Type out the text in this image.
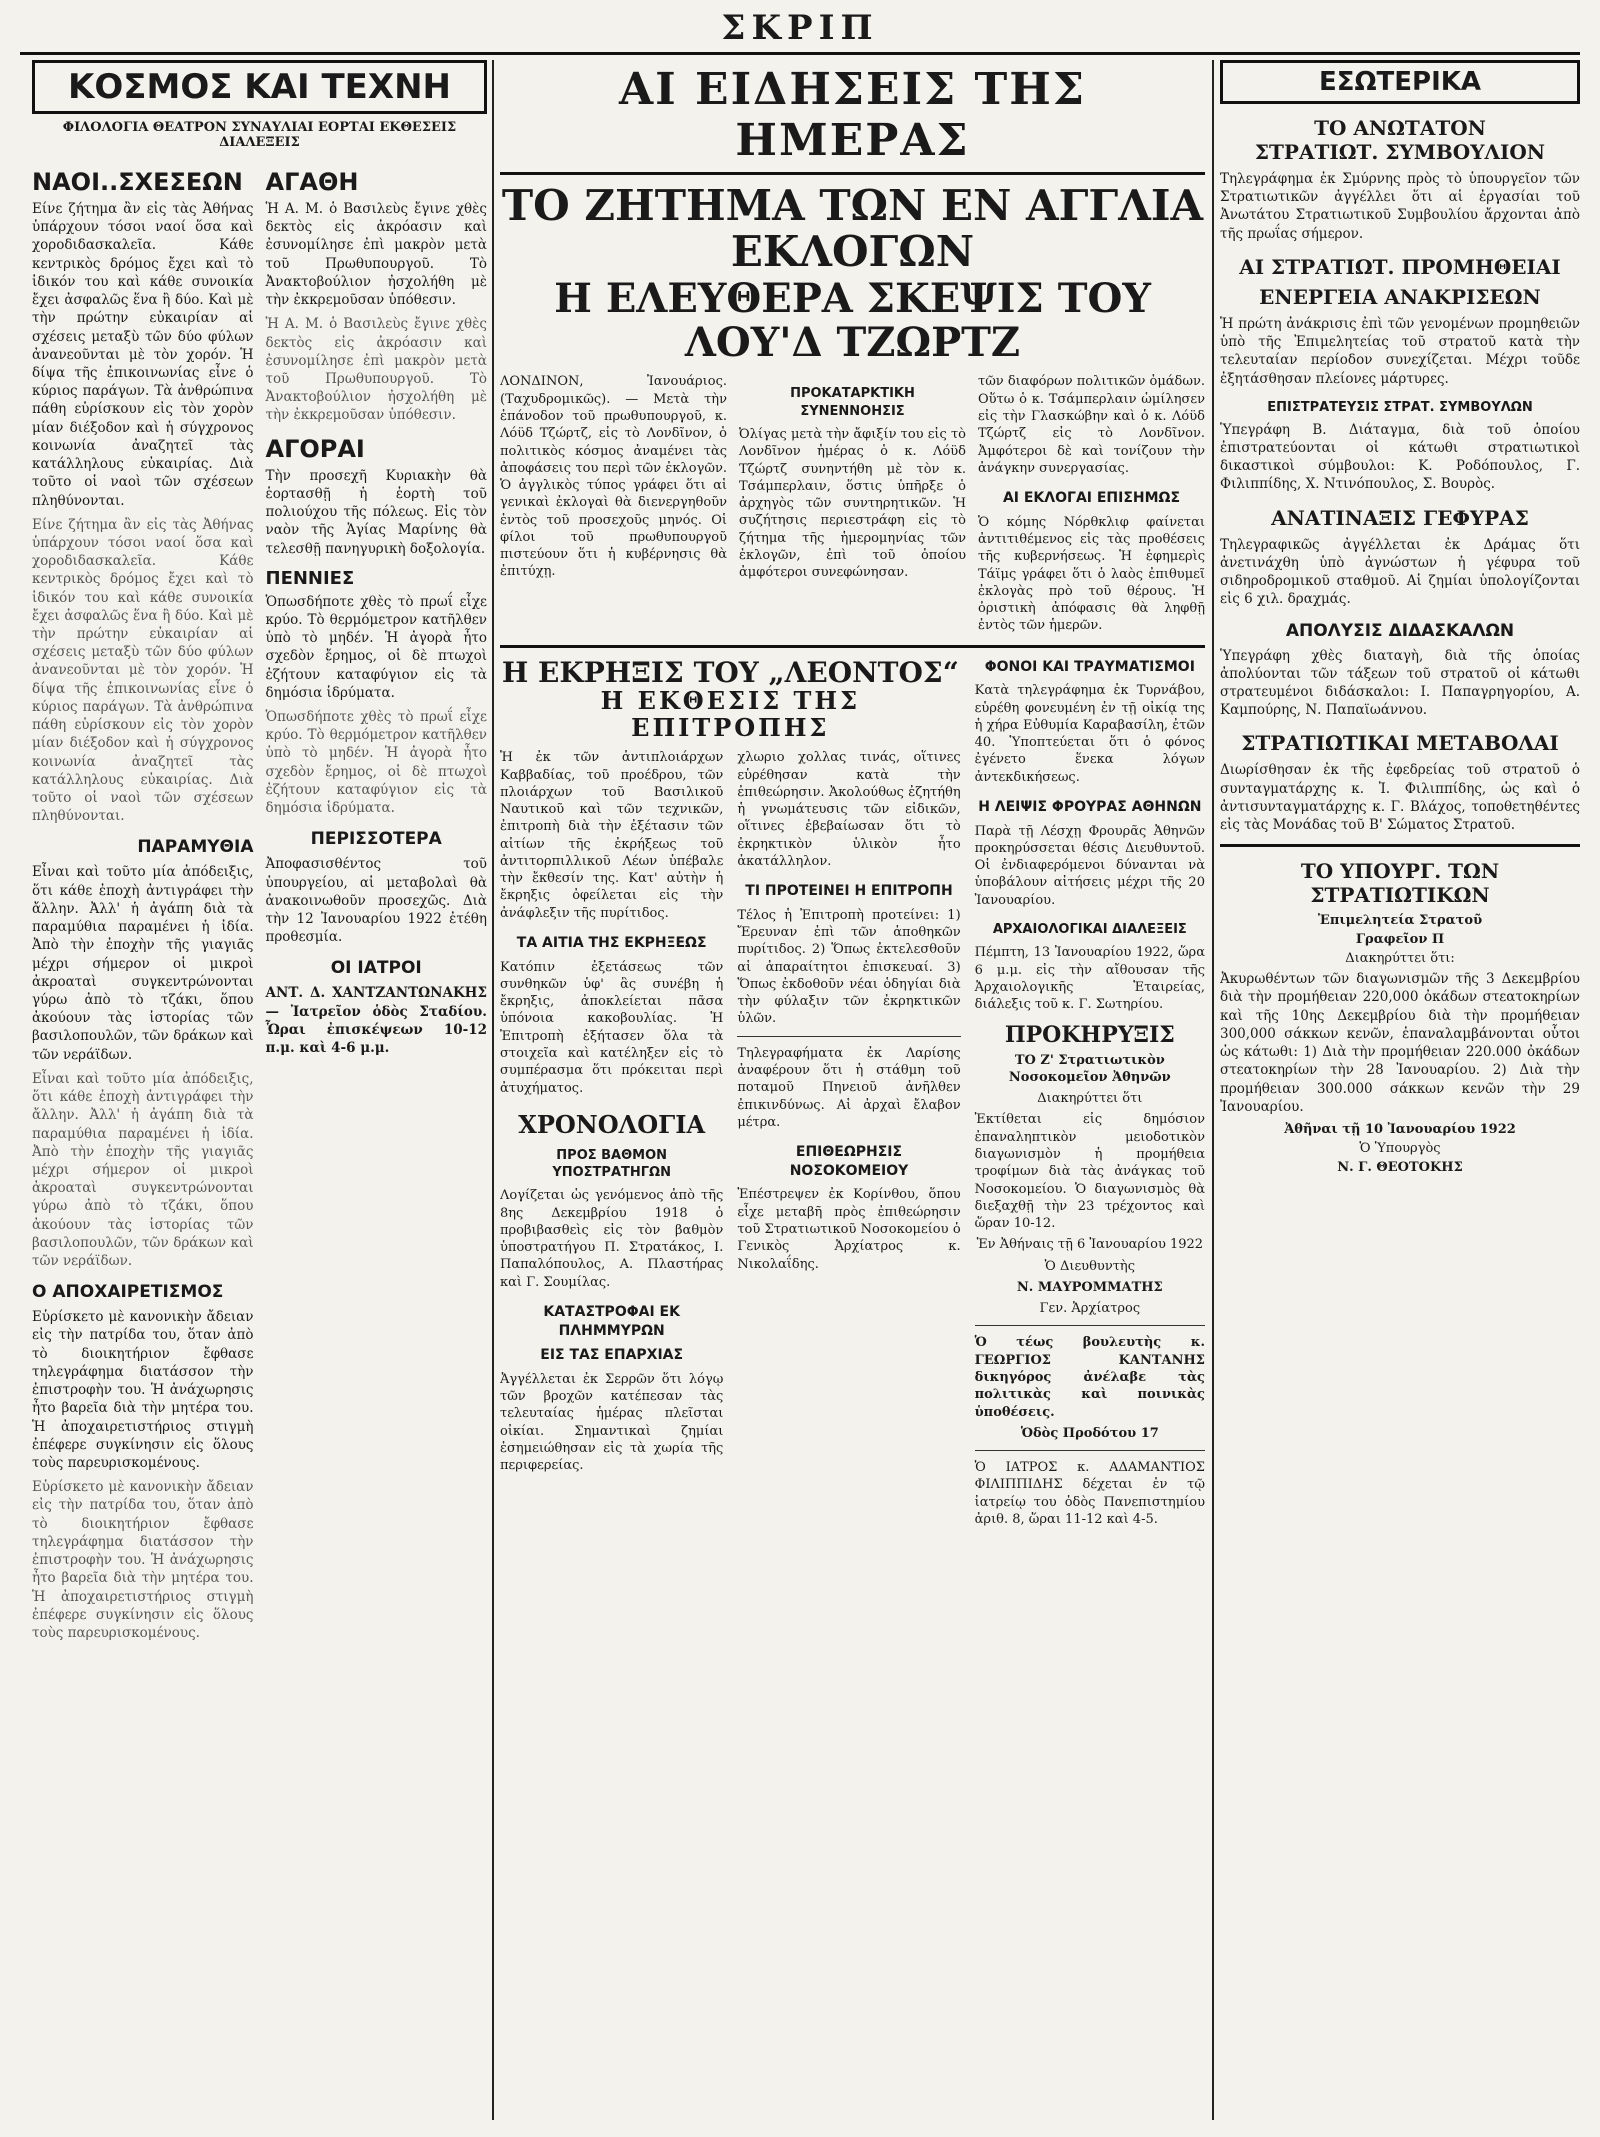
ΣΚΡΙΠ
ΚΟΣΜΟΣ ΚΑΙ ΤΕΧΝΗ
ΦΙΛΟΛΟΓΙΑ ΘΕΑΤΡΟΝ ΣΥΝΑΥΛΙΑΙ ΕΟΡΤΑΙ ΕΚΘΕΣΕΙΣ ΔΙΑΛΕΞΕΙΣ
ΝΑΟΙ..ΣΧΕΣΕΩΝ

Είνε ζήτημα ἂν εἰς τὰς Ἀθήνας ὑπάρχουν τόσοι ναοί ὅσα καὶ χοροδιδασκαλεῖα. Κάθε κεντρικὸς δρόμος ἔχει καὶ τὸ ἱδικόν του καὶ κάθε συνοικία ἔχει ἀσφαλῶς ἕνα ἢ δύο. Καὶ μὲ τὴν πρώτην εὐκαιρίαν αἱ σχέσεις μεταξὺ τῶν δύο φύλων ἀνανεοῦνται μὲ τὸν χορόν. Ἡ δίψα τῆς ἐπικοινωνίας εἶνε ὁ κύριος παράγων. Τὰ ἀνθρώπινα πάθη εὑρίσκουν εἰς τὸν χορὸν μίαν διέξοδον καὶ ἡ σύγχρονος κοινωνία ἀναζητεῖ τὰς κατάλληλους εὐκαιρίας. Διὰ τοῦτο οἱ ναοὶ τῶν σχέσεων πληθύνονται.

Είνε ζήτημα ἂν εἰς τὰς Ἀθήνας ὑπάρχουν τόσοι ναοί ὅσα καὶ χοροδιδασκαλεῖα. Κάθε κεντρικὸς δρόμος ἔχει καὶ τὸ ἱδικόν του καὶ κάθε συνοικία ἔχει ἀσφαλῶς ἕνα ἢ δύο. Καὶ μὲ τὴν πρώτην εὐκαιρίαν αἱ σχέσεις μεταξὺ τῶν δύο φύλων ἀνανεοῦνται μὲ τὸν χορόν. Ἡ δίψα τῆς ἐπικοινωνίας εἶνε ὁ κύριος παράγων. Τὰ ἀνθρώπινα πάθη εὑρίσκουν εἰς τὸν χορὸν μίαν διέξοδον καὶ ἡ σύγχρονος κοινωνία ἀναζητεῖ τὰς κατάλληλους εὐκαιρίας. Διὰ τοῦτο οἱ ναοὶ τῶν σχέσεων πληθύνονται.

ΠΑΡΑΜΥΘΙΑ

Εἶναι καὶ τοῦτο μία ἀπόδειξις, ὅτι κάθε ἐποχὴ ἀντιγράφει τὴν ἄλλην. Ἀλλ' ἡ ἀγάπη διὰ τὰ παραμύθια παραμένει ἡ ἰδία. Ἀπὸ τὴν ἐποχὴν τῆς γιαγιᾶς μέχρι σήμερον οἱ μικροὶ ἀκροαταὶ συγκεντρώνονται γύρω ἀπὸ τὸ τζάκι, ὅπου ἀκούουν τὰς ἱστορίας τῶν βασιλοπουλῶν, τῶν δράκων καὶ τῶν νεράϊδων.

Εἶναι καὶ τοῦτο μία ἀπόδειξις, ὅτι κάθε ἐποχὴ ἀντιγράφει τὴν ἄλλην. Ἀλλ' ἡ ἀγάπη διὰ τὰ παραμύθια παραμένει ἡ ἰδία. Ἀπὸ τὴν ἐποχὴν τῆς γιαγιᾶς μέχρι σήμερον οἱ μικροὶ ἀκροαταὶ συγκεντρώνονται γύρω ἀπὸ τὸ τζάκι, ὅπου ἀκούουν τὰς ἱστορίας τῶν βασιλοπουλῶν, τῶν δράκων καὶ τῶν νεράϊδων.

Ο ΑΠΟΧΑΙΡΕΤΙΣΜΟΣ

Εὑρίσκετο μὲ κανονικὴν ἄδειαν εἰς τὴν πατρίδα του, ὅταν ἀπὸ τὸ διοικητήριον ἔφθασε τηλεγράφημα διατάσσον τὴν ἐπιστροφὴν του. Ἡ ἀνάχωρησις ἦτο βαρεῖα διὰ τὴν μητέρα του. Ἡ ἀποχαιρετιστήριος στιγμὴ ἐπέφερε συγκίνησιν εἰς ὅλους τοὺς παρευρισκομένους.

Εὑρίσκετο μὲ κανονικὴν ἄδειαν εἰς τὴν πατρίδα του, ὅταν ἀπὸ τὸ διοικητήριον ἔφθασε τηλεγράφημα διατάσσον τὴν ἐπιστροφὴν του. Ἡ ἀνάχωρησις ἦτο βαρεῖα διὰ τὴν μητέρα του. Ἡ ἀποχαιρετιστήριος στιγμὴ ἐπέφερε συγκίνησιν εἰς ὅλους τοὺς παρευρισκομένους.

ΑΓΑΘΗ

Ἡ Α. Μ. ὁ Βασιλεὺς ἔγινε χθὲς δεκτὸς εἰς ἀκρόασιν καὶ ἐσυνομίλησε ἐπὶ μακρὸν μετὰ τοῦ Πρωθυπουργοῦ. Τὸ Ἀνακτοβούλιον ἠσχολήθη μὲ τὴν ἐκκρεμοῦσαν ὑπόθεσιν.

Ἡ Α. Μ. ὁ Βασιλεὺς ἔγινε χθὲς δεκτὸς εἰς ἀκρόασιν καὶ ἐσυνομίλησε ἐπὶ μακρὸν μετὰ τοῦ Πρωθυπουργοῦ. Τὸ Ἀνακτοβούλιον ἠσχολήθη μὲ τὴν ἐκκρεμοῦσαν ὑπόθεσιν.

ΑΓΟΡΑΙ

Τὴν προσεχῆ Κυριακὴν θὰ ἑορτασθῇ ἡ ἑορτὴ τοῦ πολιούχου τῆς πόλεως. Εἰς τὸν ναὸν τῆς Ἁγίας Μαρίνης θὰ τελεσθῇ πανηγυρικὴ δοξολογία.

ΠΕΝΝΙΕΣ

Ὁπωσδήποτε χθὲς τὸ πρωΐ εἶχε κρύο. Τὸ θερμόμετρον κατῆλθεν ὑπὸ τὸ μηδέν. Ἡ ἀγορὰ ἦτο σχεδὸν ἔρημος, οἱ δὲ πτωχοὶ ἐζήτουν καταφύγιον εἰς τὰ δημόσια ἱδρύματα.

Ὁπωσδήποτε χθὲς τὸ πρωΐ εἶχε κρύο. Τὸ θερμόμετρον κατῆλθεν ὑπὸ τὸ μηδέν. Ἡ ἀγορὰ ἦτο σχεδὸν ἔρημος, οἱ δὲ πτωχοὶ ἐζήτουν καταφύγιον εἰς τὰ δημόσια ἱδρύματα.

ΠΕΡΙΣΣΟΤΕΡΑ

Ἀποφασισθέντος τοῦ ὑπουργείου, αἱ μεταβολαὶ θὰ ἀνακοινωθοῦν προσεχῶς. Διὰ τὴν 12 Ἰανουαρίου 1922 ἐτέθη προθεσμία.

ΟΙ ΙΑΤΡΟΙ

ΑΝΤ. Δ. ΧΑΝΤΖΑΝΤΩΝΑΚΗΣ — Ἰατρεῖον ὁδὸς Σταδίου. Ὧραι ἐπισκέψεων 10-12 π.μ. καὶ 4-6 μ.μ.

ΑΙ ΕΙΔΗΣΕΙΣ ΤΗΣ ΗΜΕΡΑΣ
ΤΟ ΖΗΤΗΜΑ ΤΩΝ ΕΝ ΑΓΓΛΙΑ ΕΚΛΟΓΩΝ
Η ΕΛΕΥΘΕΡΑ ΣΚΕΨΙΣ ΤΟΥ ΛΟΥ'Δ ΤΖΩΡΤΖ
ΛΟΝΔΙΝΟΝ, Ἰανουάριος. (Ταχυδρομικῶς). — Μετὰ τὴν ἐπάνοδον τοῦ πρωθυπουργοῦ, κ. Λόϋδ Τζώρτζ, εἰς τὸ Λονδῖνον, ὁ πολιτικὸς κόσμος ἀναμένει τὰς ἀποφάσεις του περὶ τῶν ἐκλογῶν. Ὁ ἀγγλικὸς τύπος γράφει ὅτι αἱ γενικαὶ ἐκλογαὶ θὰ διενεργηθοῦν ἐντὸς τοῦ προσεχοῦς μηνός. Οἱ φίλοι τοῦ πρωθυπουργοῦ πιστεύουν ὅτι ἡ κυβέρνησις θὰ ἐπιτύχῃ.
ΠΡΟΚΑΤΑΡΚΤΙΚΗ ΣΥΝΕΝΝΟΗΣΙΣ
Ὀλίγας μετὰ τὴν ἄφιξίν του εἰς τὸ Λονδῖνον ἡμέρας ὁ κ. Λόϋδ Τζώρτζ συνηντήθη μὲ τὸν κ. Τσάμπερλαιν, ὅστις ὑπῆρξε ὁ ἀρχηγὸς τῶν συντηρητικῶν. Ἡ συζήτησις περιεστράφη εἰς τὸ ζήτημα τῆς ἡμερομηνίας τῶν ἐκλογῶν, ἐπὶ τοῦ ὁποίου ἀμφότεροι συνεφώνησαν.
τῶν διαφόρων πολιτικῶν ὁμάδων. Οὕτω ὁ κ. Τσάμπερλαιν ὡμίλησεν εἰς τὴν Γλασκώβην καὶ ὁ κ. Λόϋδ Τζώρτζ εἰς τὸ Λονδῖνον. Ἀμφότεροι δὲ καὶ τονίζουν τὴν ἀνάγκην συνεργασίας.
ΑΙ ΕΚΛΟΓΑΙ ΕΠΙΣΗΜΩΣ
Ὁ κόμης Νόρθκλιφ φαίνεται ἀντιτιθέμενος εἰς τὰς προθέσεις τῆς κυβερνήσεως. Ἡ ἐφημερὶς Τάϊμς γράφει ὅτι ὁ λαὸς ἐπιθυμεῖ ἐκλογὰς πρὸ τοῦ θέρους. Ἡ ὀριστικὴ ἀπόφασις θὰ ληφθῇ ἐντὸς τῶν ἡμερῶν.
Η ΕΚΡΗΞΙΣ ΤΟΥ „ΛΕΟΝΤΟΣ“
Η ΕΚΘΕΣΙΣ ΤΗΣ ΕΠΙΤΡΟΠΗΣ
Ἡ ἐκ τῶν ἀντιπλοιάρχων Καββαδίας, τοῦ προέδρου, τῶν πλοιάρχων τοῦ Βασιλικοῦ Ναυτικοῦ καὶ τῶν τεχνικῶν, ἐπιτροπὴ διὰ τὴν ἐξέτασιν τῶν αἰτίων τῆς ἐκρήξεως τοῦ ἀντιτορπιλλικοῦ Λέων ὑπέβαλε τὴν ἔκθεσίν της. Κατ' αὐτὴν ἡ ἔκρηξις ὀφείλεται εἰς τὴν ἀνάφλεξιν τῆς πυρίτιδος.
ΤΑ ΑΙΤΙΑ ΤΗΣ ΕΚΡΗΞΕΩΣ
Κατόπιν ἐξετάσεως τῶν συνθηκῶν ὑφ' ἃς συνέβη ἡ ἔκρηξις, ἀποκλείεται πᾶσα ὑπόνοια κακοβουλίας. Ἡ Ἐπιτροπὴ ἐξήτασεν ὅλα τὰ στοιχεῖα καὶ κατέληξεν εἰς τὸ συμπέρασμα ὅτι πρόκειται περὶ ἀτυχήματος.
ΧΡΟΝΟΛΟΓΙΑ
ΠΡΟΣ ΒΑΘΜΟΝ ΥΠΟΣΤΡΑΤΗΓΩΝ
Λογίζεται ὡς γενόμενος ἀπὸ τῆς 8ης Δεκεμβρίου 1918 ὁ προβιβασθεὶς εἰς τὸν βαθμὸν ὑποστρατήγου Π. Στρατάκος, Ι. Παπαλόπουλος, Α. Πλαστήρας καὶ Γ. Σουμίλας.
ΚΑΤΑΣΤΡΟΦΑΙ ΕΚ ΠΛΗΜΜΥΡΩΝ
ΕΙΣ ΤΑΣ ΕΠΑΡΧΙΑΣ
Ἀγγέλλεται ἐκ Σερρῶν ὅτι λόγῳ τῶν βροχῶν κατέπεσαν τὰς τελευταίας ἡμέρας πλεῖσται οἰκίαι. Σημαντικαὶ ζημίαι ἐσημειώθησαν εἰς τὰ χωρία τῆς περιφερείας.
χλωριο χολλας τινάς, οἵτινες εὑρέθησαν κατὰ τὴν ἐπιθεώρησιν. Ἀκολούθως ἐζητήθη ἡ γνωμάτευσις τῶν εἰδικῶν, οἵτινες ἐβεβαίωσαν ὅτι τὸ ἐκρηκτικὸν ὑλικὸν ἦτο ἀκατάλληλον.
ΤΙ ΠΡΟΤΕΙΝΕΙ Η ΕΠΙΤΡΟΠΗ
Τέλος ἡ Ἐπιτροπὴ προτείνει: 1) Ἔρευναν ἐπὶ τῶν ἀποθηκῶν πυρίτιδος. 2) Ὅπως ἐκτελεσθοῦν αἱ ἀπαραίτητοι ἐπισκευαί. 3) Ὅπως ἐκδοθοῦν νέαι ὁδηγίαι διὰ τὴν φύλαξιν τῶν ἐκρηκτικῶν ὑλῶν.
Τηλεγραφήματα ἐκ Λαρίσης ἀναφέρουν ὅτι ἡ στάθμη τοῦ ποταμοῦ Πηνειοῦ ἀνῆλθεν ἐπικινδύνως. Αἱ ἀρχαὶ ἔλαβον μέτρα.
ΕΠΙΘΕΩΡΗΣΙΣ ΝΟΣΟΚΟΜΕΙΟΥ
Ἐπέστρεψεν ἐκ Κορίνθου, ὅπου εἶχε μεταβῆ πρὸς ἐπιθεώρησιν τοῦ Στρατιωτικοῦ Νοσοκομείου ὁ Γενικὸς Ἀρχίατρος κ. Νικολαΐδης.
ΦΟΝΟΙ ΚΑΙ ΤΡΑΥΜΑΤΙΣΜΟΙ
Κατὰ τηλεγράφημα ἐκ Τυρνάβου, εὑρέθη φονευμένη ἐν τῇ οἰκίᾳ της ἡ χήρα Εὐθυμία Καραβασίλη, ἐτῶν 40. Ὑποπτεύεται ὅτι ὁ φόνος ἐγένετο ἕνεκα λόγων ἀντεκδικήσεως.
Η ΛΕΙΨΙΣ ΦΡΟΥΡΑΣ ΑΘΗΝΩΝ
Παρὰ τῇ Λέσχῃ Φρουρᾶς Ἀθηνῶν προκηρύσσεται θέσις Διευθυντοῦ. Οἱ ἐνδιαφερόμενοι δύνανται νὰ ὑποβάλουν αἰτήσεις μέχρι τῆς 20 Ἰανουαρίου.
ΑΡΧΑΙΟΛΟΓΙΚΑΙ ΔΙΑΛΕΞΕΙΣ
Πέμπτη, 13 Ἰανουαρίου 1922, ὥρα 6 μ.μ. εἰς τὴν αἴθουσαν τῆς Ἀρχαιολογικῆς Ἑταιρείας, διάλεξις τοῦ κ. Γ. Σωτηρίου.
ΠΡΟΚΗΡΥΞΙΣ
ΤΟ Ζ' Στρατιωτικὸν Νοσοκομεῖον Ἀθηνῶν
Διακηρύττει ὅτι
Ἐκτίθεται εἰς δημόσιον ἐπαναληπτικὸν μειοδοτικὸν διαγωνισμὸν ἡ προμήθεια τροφίμων διὰ τὰς ἀνάγκας τοῦ Νοσοκομείου. Ὁ διαγωνισμὸς θὰ διεξαχθῇ τὴν 23 τρέχοντος καὶ ὥραν 10-12.
Ἐν Ἀθήναις τῇ 6 Ἰανουαρίου 1922
Ὁ Διευθυντὴς
Ν. ΜΑΥΡΟΜΜΑΤΗΣ
Γεν. Ἀρχίατρος
Ὁ τέως βουλευτὴς κ. ΓΕΩΡΓΙΟΣ ΚΑΝΤΑΝΗΣ δικηγόρος ἀνέλαβε τὰς πολιτικὰς καὶ ποινικὰς ὑποθέσεις.
Ὁδὸς Προδότου 17
Ὁ ΙΑΤΡΟΣ κ. ΑΔΑΜΑΝΤΙΟΣ ΦΙΛΙΠΠΙΔΗΣ δέχεται ἐν τῷ ἰατρείῳ του ὁδὸς Πανεπιστημίου ἀριθ. 8, ὥραι 11-12 καὶ 4-5.
ΕΣΩΤΕΡΙΚΑ
ΤΟ ΑΝΩΤΑΤΟΝ
ΣΤΡΑΤΙΩΤ. ΣΥΜΒΟΥΛΙΟΝ

Τηλεγράφημα ἐκ Σμύρνης πρὸς τὸ ὑπουργεῖον τῶν Στρατιωτικῶν ἀγγέλλει ὅτι αἱ ἐργασίαι τοῦ Ἀνωτάτου Στρατιωτικοῦ Συμβουλίου ἄρχονται ἀπὸ τῆς πρωΐας σήμερον.

ΑΙ ΣΤΡΑΤΙΩΤ. ΠΡΟΜΗΘΕΙΑΙ
ΕΝΕΡΓΕΙΑ ΑΝΑΚΡΙΣΕΩΝ

Ἡ πρώτη ἀνάκρισις ἐπὶ τῶν γενομένων προμηθειῶν ὑπὸ τῆς Ἐπιμελητείας τοῦ στρατοῦ κατὰ τὴν τελευταίαν περίοδον συνεχίζεται. Μέχρι τοῦδε ἐξητάσθησαν πλείονες μάρτυρες.

ΕΠΙΣΤΡΑΤΕΥΣΙΣ ΣΤΡΑΤ. ΣΥΜΒΟΥΛΩΝ

Ὑπεγράφη Β. Διάταγμα, διὰ τοῦ ὁποίου ἐπιστρατεύονται οἱ κάτωθι στρατιωτικοὶ δικαστικοὶ σύμβουλοι: Κ. Ροδόπουλος, Γ. Φιλιππίδης, Χ. Ντινόπουλος, Σ. Βουρὸς.

ΑΝΑΤΙΝΑΞΙΣ ΓΕΦΥΡΑΣ

Τηλεγραφικῶς ἀγγέλλεται ἐκ Δράμας ὅτι ἀνετινάχθη ὑπὸ ἀγνώστων ἡ γέφυρα τοῦ σιδηροδρομικοῦ σταθμοῦ. Αἱ ζημίαι ὑπολογίζονται εἰς 6 χιλ. δραχμάς.

ΑΠΟΛΥΣΙΣ ΔΙΔΑΣΚΑΛΩΝ

Ὑπεγράφη χθὲς διαταγὴ, διὰ τῆς ὁποίας ἀπολύονται τῶν τάξεων τοῦ στρατοῦ οἱ κάτωθι στρατευμένοι διδάσκαλοι: Ι. Παπαγρηγορίου, Α. Καμπούρης, Ν. Παπαϊωάννου.

ΣΤΡΑΤΙΩΤΙΚΑΙ ΜΕΤΑΒΟΛΑΙ

Διωρίσθησαν ἐκ τῆς ἐφεδρείας τοῦ στρατοῦ ὁ συνταγματάρχης κ. Ἰ. Φιλιππίδης, ὡς καὶ ὁ ἀντισυνταγματάρχης κ. Γ. Βλάχος, τοποθετηθέντες εἰς τὰς Μονάδας τοῦ Β' Σώματος Στρατοῦ.

ΤΟ ΥΠΟΥΡΓ. ΤΩΝ ΣΤΡΑΤΙΩΤΙΚΩΝ
Ἐπιμελητεία Στρατοῦ
Γραφεῖον Π
Διακηρύττει ὅτι:

Ἀκυρωθέντων τῶν διαγωνισμῶν τῆς 3 Δεκεμβρίου διὰ τὴν προμήθειαν 220,000 ὀκάδων στεατοκηρίων καὶ τῆς 10ης Δεκεμβρίου διὰ τὴν προμήθειαν 300,000 σάκκων κενῶν, ἐπαναλαμβάνονται οὗτοι ὡς κάτωθι: 1) Διὰ τὴν προμήθειαν 220.000 ὀκάδων στεατοκηρίων τὴν 28 Ἰανουαρίου. 2) Διὰ τὴν προμήθειαν 300.000 σάκκων κενῶν τὴν 29 Ἰανουαρίου.

Ἀθῆναι τῇ 10 Ἰανουαρίου 1922
Ὁ Ὑπουργὸς
Ν. Γ. ΘΕΟΤΟΚΗΣ
